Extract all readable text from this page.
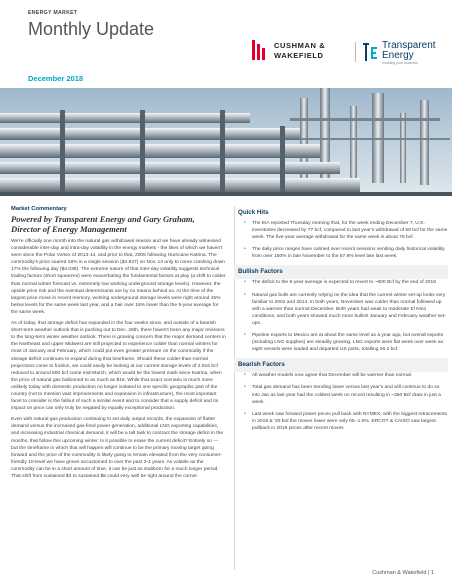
ENERGY MARKET
Monthly Update
December 2018
CUSHMAN &
WAKEFIELD
Transparent
Energy
enabling your business
Market Commentary
Powered by Transparent Energy and Gary Graham, Director of Energy Management
We're officially one month into the natural gas withdrawal season and we have already witnessed considerable inter-day and intra-day volatility in the energy markets - the likes of which we haven't seen since the Polar Vortex of 2013-14, and prior to that, 2005 following Hurricane Katrina. The commodity's price soared 18% in a single session ($4.837) on Nov. 14 only to come crashing down 17% the following day ($4.038). The extreme nature of that inter-day volatility suggests technical trading factors (short squeezes) were exacerbating the fundamental factors at play (a shift to colder than normal winter forecast vs. extremely low working underground storage levels). However, the upside price risk and the eventual determinants are by no means behind us. At the time of the largest price move in recent memory, working underground storage levels were right around 15% below levels for the same week last year, and a hair over 16% lower than the 5-year average for the same week.
As of today, that storage deficit has expanded in the four weeks since, and outside of a bearish short-term weather outlook that is pushing out to Dec. 26th, there haven't been any major revisions to the long-term winter weather outlook. There is growing concern that the major demand centers in the Northeast and upper Midwest are still projected to experience colder than normal winters for most of January and February, which could put even greater pressure on the commodity if the storage deficit continues to expand during that timeframe. Should these colder-than-normal projections come to fruition, we could easily be looking at our current storage levels of 2.916 bcf reduced to around 800 bcf come mid-March, which would be the lowest mark since Katrina, when the price of natural gas ballooned to as much as $16. While that exact scenario is much more unlikely today with domestic production no longer isolated to one specific geographic part of the country (not to mention vast improvements and expansion in infrastructure), the most important facet to consider is the fallout of such a similar event and to consider that a supply deficit and its impact on price can only truly be negated by equally exceptional production.
Even with natural gas production continuing to set daily output records, the expansion of flatter demand versus the increased gas-fired power generation, additional LNG exporting capabilities, and increasing industrial chemical demand, it will be a tall task to contract the storage deficit in the months, that follow this upcoming winter. Is it possible to erase the current deficit? Entirely so — but the timeframe in which that will happen will continue to be the primary moving target going forward and the price of the commodity is likely going to remain elevated from the very consumer-friendly 10-level we have grown accustomed to over the past 3-4 years. As volatile as the commodity can be in a short amount of time, it can be just as stubborn for a much longer period. That shift from sustained $3 to sustained $5 could very well be right around the corner.
Quick Hits
• The EIA reported Thursday morning that, for the week ending December 7, U.S. inventories decreased by 77 bcf, compared to last year's withdrawal of 59 bcf for the same week. The five-year average withdrawal for the same week is about 78 bcf.
• The daily price ranges have calmed over recent sessions sending daily historical volatility from over 150% in late November to the 57.8% level late last week.
Bullish Factors
• The deficit to the 5-year average is expected to revert to ~600 Bcf by the end of 2018
• Natural gas bulls are currently relying on the idea that the current winter set-up looks very familiar to 2002 and 2014. In both years, November was colder than normal followed up with a warmer than normal December. Both years had weak to moderate El Nino conditions, and both years showed much more bullish January and February weather set-ups.
• Pipeline exports to Mexico are at about the same level as a year ago, but overall exports (including LNG supplies) are steadily growing. LNG exports were flat week over week as eight vessels were loaded and departed US ports, totalling 26.2 bcf.
Bearish Factors
• All weather models now agree that December will be warmer than normal.
• Total gas demand has been trending lower versus last year's and will continue to do so into Jan as last year had the coldest week on record resulting in ~350 Bcf draw in just a week.
• Last week saw forward power prices pull back with NYMEX, with the biggest retracements in 2019 & '20 but the moves lower were only 05.-1.0%. ERCOT & CAISO saw largest pullback in 2019 prices after recent moves
Cushman & Wakefield | 1
